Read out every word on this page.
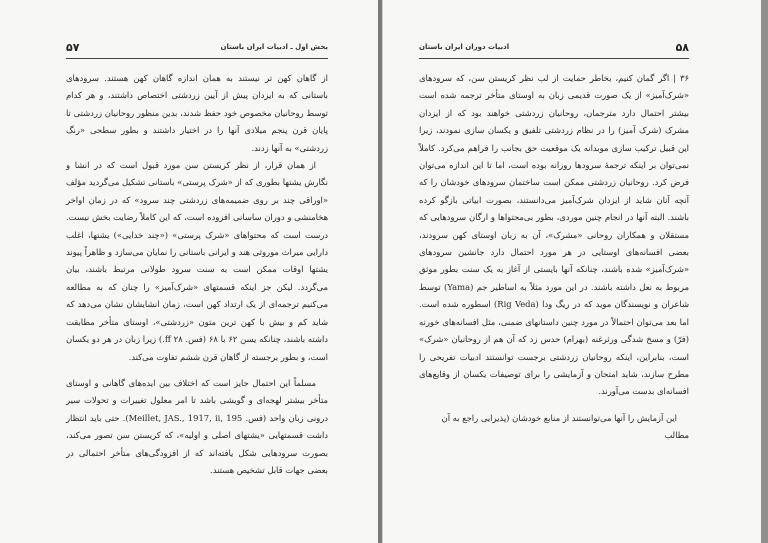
۵۷	بخش اول ـ ادبیات ایران باستان

از گاهان کهن تر نیستند به همان اندازه گاهان کهن هستند. سرودهای باستانی که به ایزدان پیش از آیین زردشتی اختصاص داشتند، و هر کدام توسط روحانیان مخصوص خود حفظ شدند، بدین منظور روحانیان زردشتی تا پایان قرن پنجم میلادی آنها را در اختیار داشتند و بطور سطحی «رنگ زردشتی» به آنها زدند.

از همان قرار، از نظر کریستن سن مورد قبول است که در انشا و نگارش یشتها بطوری که از «شرک پرستی» باستانی تشکیل می‌گردید مؤلف «اوراقی چند بر روی ضمیمه‌های زردشتی چند سرود» که در زمان اواخر هخامنشی و دوران ساسانی افزوده است، که این کاملاً رضایت بخش نیست. درست است که محتواهای «شرک پرستی» («چند خدایی») یشتها، اغلب دارایی میراث موروثی هند و ایرانی باستانی را نمایان می‌سازد و ظاهراً پیوند یشتها اوقات ممکن است به سنت سرود طولانی مرتبط باشند، بیان می‌گردد. لیکن جز اینکه قسمتهای «شرک‌آمیز» را چنان که به مطالعه می‌کنیم ترجمه‌ای از یک ارتداد کهن است، زمان انشایشان نشان می‌دهد که شاید کم و بیش با کهن ترین متون «زردشتی»، اوستای متأخر مطابقت داشته باشند، چنانکه یسن ۶۲ با ۶۸ (فس. ۲۸ ff.) زیرا زبان در هر دو یکسان است، و بطور برجسته از گاهان قرن ششم تفاوت می‌کند.

مسلماً این احتمال جایز است که اختلاف بین ایده‌های گاهانی و اوستای متأخر بیشتر لهجه‌ای و گویشی باشد تا امر معلول تغییرات و تحولات سیر درونی زبان واحد (فس. Meillet, JAS., 1917, ii, 195). حتی باید انتظار داشت قسمتهایی «یشتهای اصلی و اولیه»، که کریستن سن تصور می‌کند، بصورت سرودهایی شکل یافته‌اند که از افزودگی‌های متأخر احتمالی در بعضی جهات قابل تشخیص هستند.

۵۸
ادبیات دوران ایران باستان

۳۶ | اگر گمان کنیم، بخاطر حمایت از لب نظر کریستن سن، که سرودهای «شرک‌آمیز» از یک صورت قدیمی زبان به اوستای متأخر ترجمه شده است بیشتر احتمال دارد مترجمان، روحانیان زردشتی خواهند بود که از ایزدان مشرک (شرک آمیز) را در نظام زردشتی تلفیق و یکسان سازی نمودند، زیرا این قبیل ترکیب سازی موبدانه یک موقعیت حق بجانب را فراهم می‌کرد. کاملاً نمی‌توان بر اینکه ترجمهٔ سرودها روزانه بوده است، اما تا این اندازه می‌توان فرض کرد. روحانیان زردشتی ممکن است ساختمان سرودهای خودشان را که آنچه آنان شاید از ایزدان شرک‌آمیز می‌دانستند، بصورت ابیاتی بازگو کرده باشند. البته آنها در انجام چنین موردی، بطور بی‌محتواها و ارگان سرودهایی که مستقلان و همکاران روحانی «مشرک»، آن به زبان اوستای کهن سرودند، بعضی افسانه‌های اوستایی در هر مورد احتمال دارد جانشین سرودهای «شرک‌آمیز» شده باشند، چنانکه آنها بایستی از آغاز به یک سنت بطور موثق مربوط به نعل داشته باشند. در این مورد مثلاً به اساطیر جم (Yama) توسط شاعران و نویسندگان موید که در ریگ ودا (Rig Veda) اسطوره شده است. اما بعد می‌توان احتمالاً در مورد چنین داستانهای ضمنی، مثل افسانه‌های خورنه (فرّ) و مسخ شدگی ورثرغنه (بهرام) حدس زد که آن هم از روحانیان «شرک» است، بنابراین، اینکه روحانیان زردشتی برجست توانستند ادبیات تفریحی را مطرح سازند، شاید امتحان و آزمایشی را برای توصیفات یکسان از وقایع‌های افسانه‌ای بدست می‌آورند.

این آزمایش را آنها می‌توانستند از منابع خودشان (پذیرایی راجع به آن مطالب
